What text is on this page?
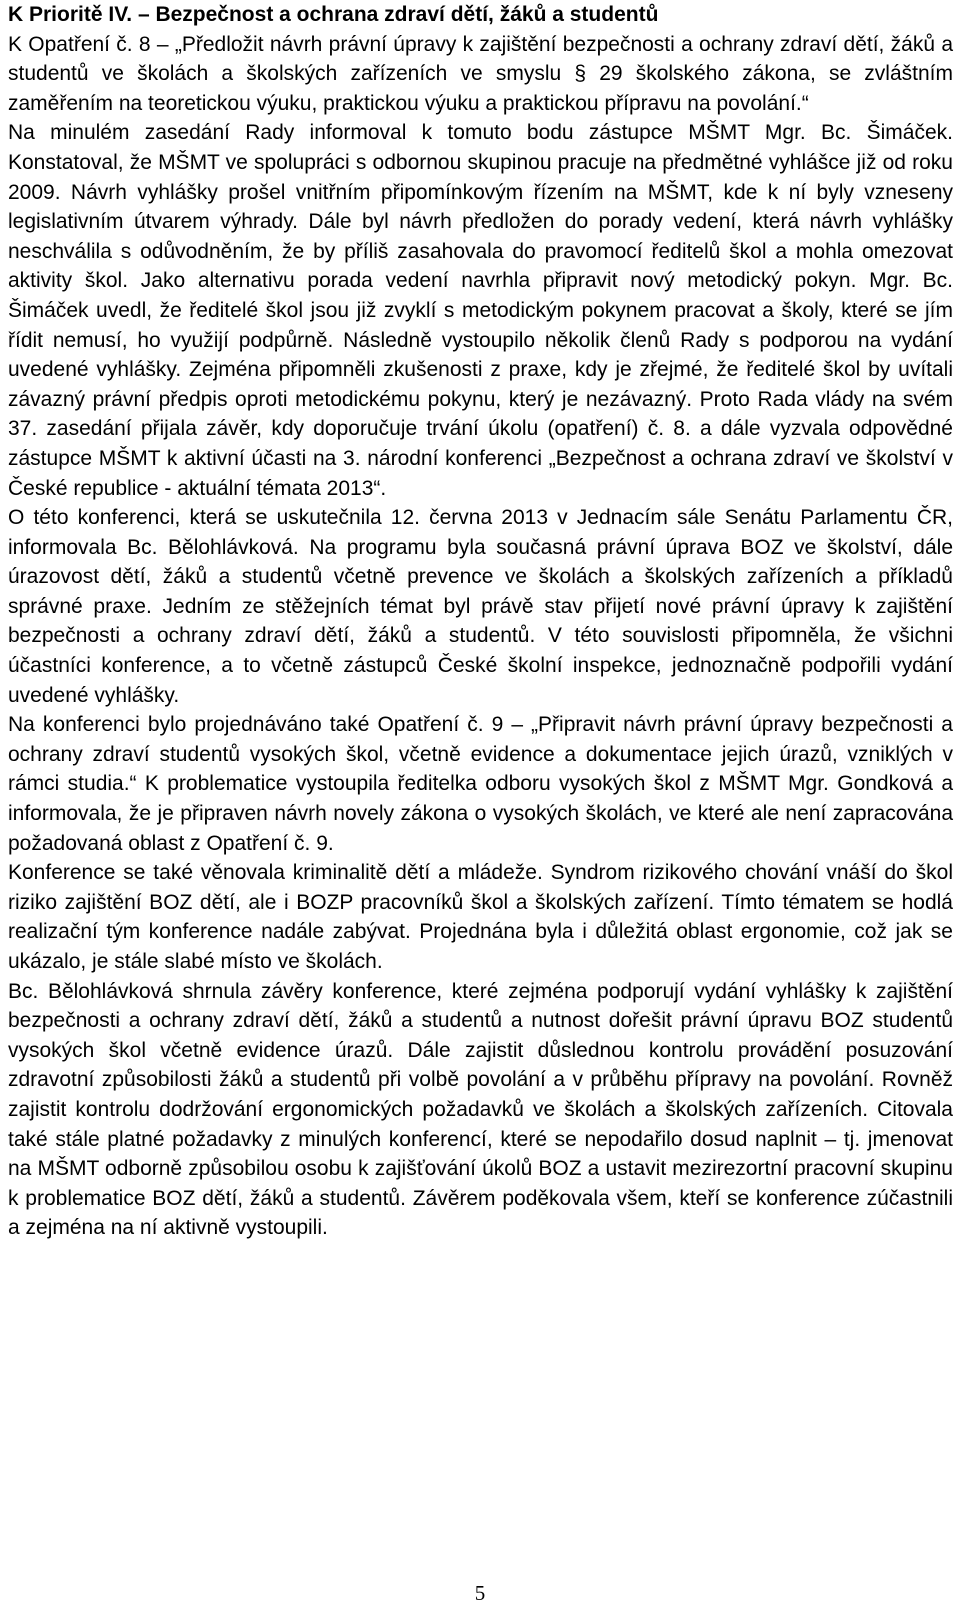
K Prioritě IV. – Bezpečnost a ochrana zdraví dětí, žáků a studentů

K Opatření č. 8 – „Předložit návrh právní úpravy k zajištění bezpečnosti a ochrany zdraví dětí, žáků a studentů ve školách a školských zařízeních ve smyslu § 29 školského zákona, se zvláštním zaměřením na teoretickou výuku, praktickou výuku a praktickou přípravu na povolání.“

Na minulém zasedání Rady informoval k tomuto bodu zástupce MŠMT Mgr. Bc. Šimáček. Konstatoval, že MŠMT ve spolupráci s odbornou skupinou pracuje na předmětné vyhlášce již od roku 2009. Návrh vyhlášky prošel vnitřním připomínkovým řízením na MŠMT, kde k ní byly vzneseny legislativním útvarem výhrady. Dále byl návrh předložen do porady vedení, která návrh vyhlášky neschválila s odůvodněním, že by příliš zasahovala do pravomocí ředitelů škol a mohla omezovat aktivity škol. Jako alternativu porada vedení navrhla připravit nový metodický pokyn. Mgr. Bc. Šimáček uvedl, že ředitelé škol jsou již zvyklí s metodickým pokynem pracovat a školy, které se jím řídit nemusí, ho využijí podpůrně. Následně vystoupilo několik členů Rady s podporou na vydání uvedené vyhlášky. Zejména připomněli zkušenosti z praxe, kdy je zřejmé, že ředitelé škol by uvítali závazný právní předpis oproti metodickému pokynu, který je nezávazný. Proto Rada vlády na svém 37. zasedání přijala závěr, kdy doporučuje trvání úkolu (opatření) č. 8. a dále vyzvala odpovědné zástupce MŠMT k aktivní účasti na 3. národní konferenci „Bezpečnost a ochrana zdraví ve školství v České republice - aktuální témata 2013“.

O této konferenci, která se uskutečnila 12. června 2013 v Jednacím sále Senátu Parlamentu ČR, informovala Bc. Bělohlávková. Na programu byla současná právní úprava BOZ ve školství, dále úrazovost dětí, žáků a studentů včetně prevence ve školách a školských zařízeních a příkladů správné praxe. Jedním ze stěžejních témat byl právě stav přijetí nové právní úpravy k zajištění bezpečnosti a ochrany zdraví dětí, žáků a studentů. V této souvislosti připomněla, že všichni účastníci konference, a to včetně zástupců České školní inspekce, jednoznačně podpořili vydání uvedené vyhlášky.

Na konferenci bylo projednáváno také Opatření č. 9 – „Připravit návrh právní úpravy bezpečnosti a ochrany zdraví studentů vysokých škol, včetně evidence a dokumentace jejich úrazů, vzniklých v rámci studia.“ K problematice vystoupila ředitelka odboru vysokých škol z MŠMT Mgr. Gondková a informovala, že je připraven návrh novely zákona o vysokých školách, ve které ale není zapracována požadovaná oblast z Opatření č. 9.

Konference se také věnovala kriminalitě dětí a mládeže. Syndrom rizikového chování vnáší do škol riziko zajištění BOZ dětí, ale i BOZP pracovníků škol a školských zařízení. Tímto tématem se hodlá realizační tým konference nadále zabývat. Projednána byla i důležitá oblast ergonomie, což jak se ukázalo, je stále slabé místo ve školách.

Bc. Bělohlávková shrnula závěry konference, které zejména podporují vydání vyhlášky k zajištění bezpečnosti a ochrany zdraví dětí, žáků a studentů a nutnost dořešit právní úpravu BOZ studentů vysokých škol včetně evidence úrazů. Dále zajistit důslednou kontrolu provádění posuzování zdravotní způsobilosti žáků a studentů při volbě povolání a v průběhu přípravy na povolání. Rovněž zajistit kontrolu dodržování ergonomických požadavků ve školách a školských zařízeních. Citovala také stále platné požadavky z minulých konferencí, které se nepodařilo dosud naplnit – tj. jmenovat na MŠMT odborně způsobilou osobu k zajišťování úkolů BOZ a ustavit mezirezortní pracovní skupinu k problematice BOZ dětí, žáků a studentů. Závěrem poděkovala všem, kteří se konference zúčastnili a zejména na ní aktivně vystoupili.

5
